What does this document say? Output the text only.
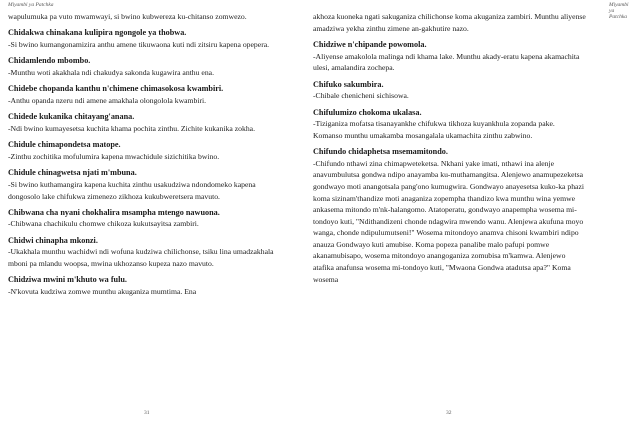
Miyambi ya Patchka
wapulumuka pa vuto mwamwayi, si bwino kubwereza ku-chitanso zomwezo.
Chidakwa chinakana kulipira ngongole ya thobwa.
-Si bwino kumangonamizira anthu amene tikuwaona kuti ndi zitsiru kapena opepera.
Chidamlendo mbombo.
-Munthu woti akakhala ndi chakudya sakonda kugawira anthu ena.
Chidebe chopanda kanthu n'chimene chimasokosa kwambiri.
-Anthu opanda nzeru ndi amene amakhala olongolola kwambiri.
Chidede kukanika chitayang'anana.
-Ndi bwino kumayesetsa kuchita khama pochita zinthu. Zichite kukanika zokha.
Chidule chimapondetsa matope.
-Zinthu zochitika mofulumira kapena mwachidule sizichitika bwino.
Chidule chinagwetsa njati m'mbuna.
-Si bwino kuthamangira kapena kuchita zinthu usakudziwa ndondomeko kapena dongosolo lake chifukwa zimenezo zikhoza kukubweretsera mavuto.
Chibwana cha nyani chokhalira msampha mtengo nawuona.
-Chibwana chachikulu chomwe chikoza kukutsayitsa zambiri.
Chidwi chinapha mkonzi.
-Ukakhala munthu wachidwi ndi wofuna kudziwa chilichonse, tsiku lina umadzakhala mboni pa mlandu woopsa, mwina ukhozanso kupeza nazo mavuto.
Chidziwa mwini m'khuto wa fulu.
-N'kovuta kudziwa zomwe munthu akuganiza mumtima. Ena
31
Miyambi ya Patchka
akhoza kuoneka ngati sakuganiza chilichonse koma akuganiza zambiri. Munthu aliyense amadziwa yekha zinthu zimene an-gakhutire nazo.
Chidziwe n'chipande powomola.
-Aliyense amakolola malinga ndi khama lake. Munthu akady-eratu kapena akamachita ulesi, amalandira zochepa.
Chifuko sakumbira.
-Chibale chenicheni sichisowa.
Chifulumizo chokoma ukalasa.
-Tiziganiza mofatsa tisanayankhe chifukwa tikhoza kuyankhula zopanda pake. Komanso munthu umakamba mosangalala ukamachita zinthu zabwino.
Chifundo chidaphetsa msemamitondo.
-Chifundo nthawi zina chimapweteketsa. Nkhani yake imati, nthawi ina alenje anavumbulutsa gondwa ndipo anayamba ku-muthamangitsa. Alenjewo anamupezeketsa gondwayo moti anangotsala pang'ono kumugwira. Gondwayo anayesetsa kuko-ka phazi koma sizinam'thandize moti anaganiza zopempha thandizo kwa munthu wina yemwe ankasema mitondo m'nk-halangomo. Atatoperatu, gondwayo anapempha wosema mi-tondoyo kuti, "Ndithandizeni chonde ndagwira mwendo wanu. Alenjewa akufuna moyo wanga, chonde ndipulumutseni!" Wosema mitondoyo anamva chisoni kwambiri ndipo anauza Gondwayo kuti amubise. Koma popeza panalibe malo pafupi pomwe akanamubisapo, wosema mitondoyo anangoganiza zomubisa m'kamwa. Alenjewo atafika anafunsa wosema mi-tondoyo kuti, "Mwaona Gondwa atadutsa apa?" Koma wosema
32
